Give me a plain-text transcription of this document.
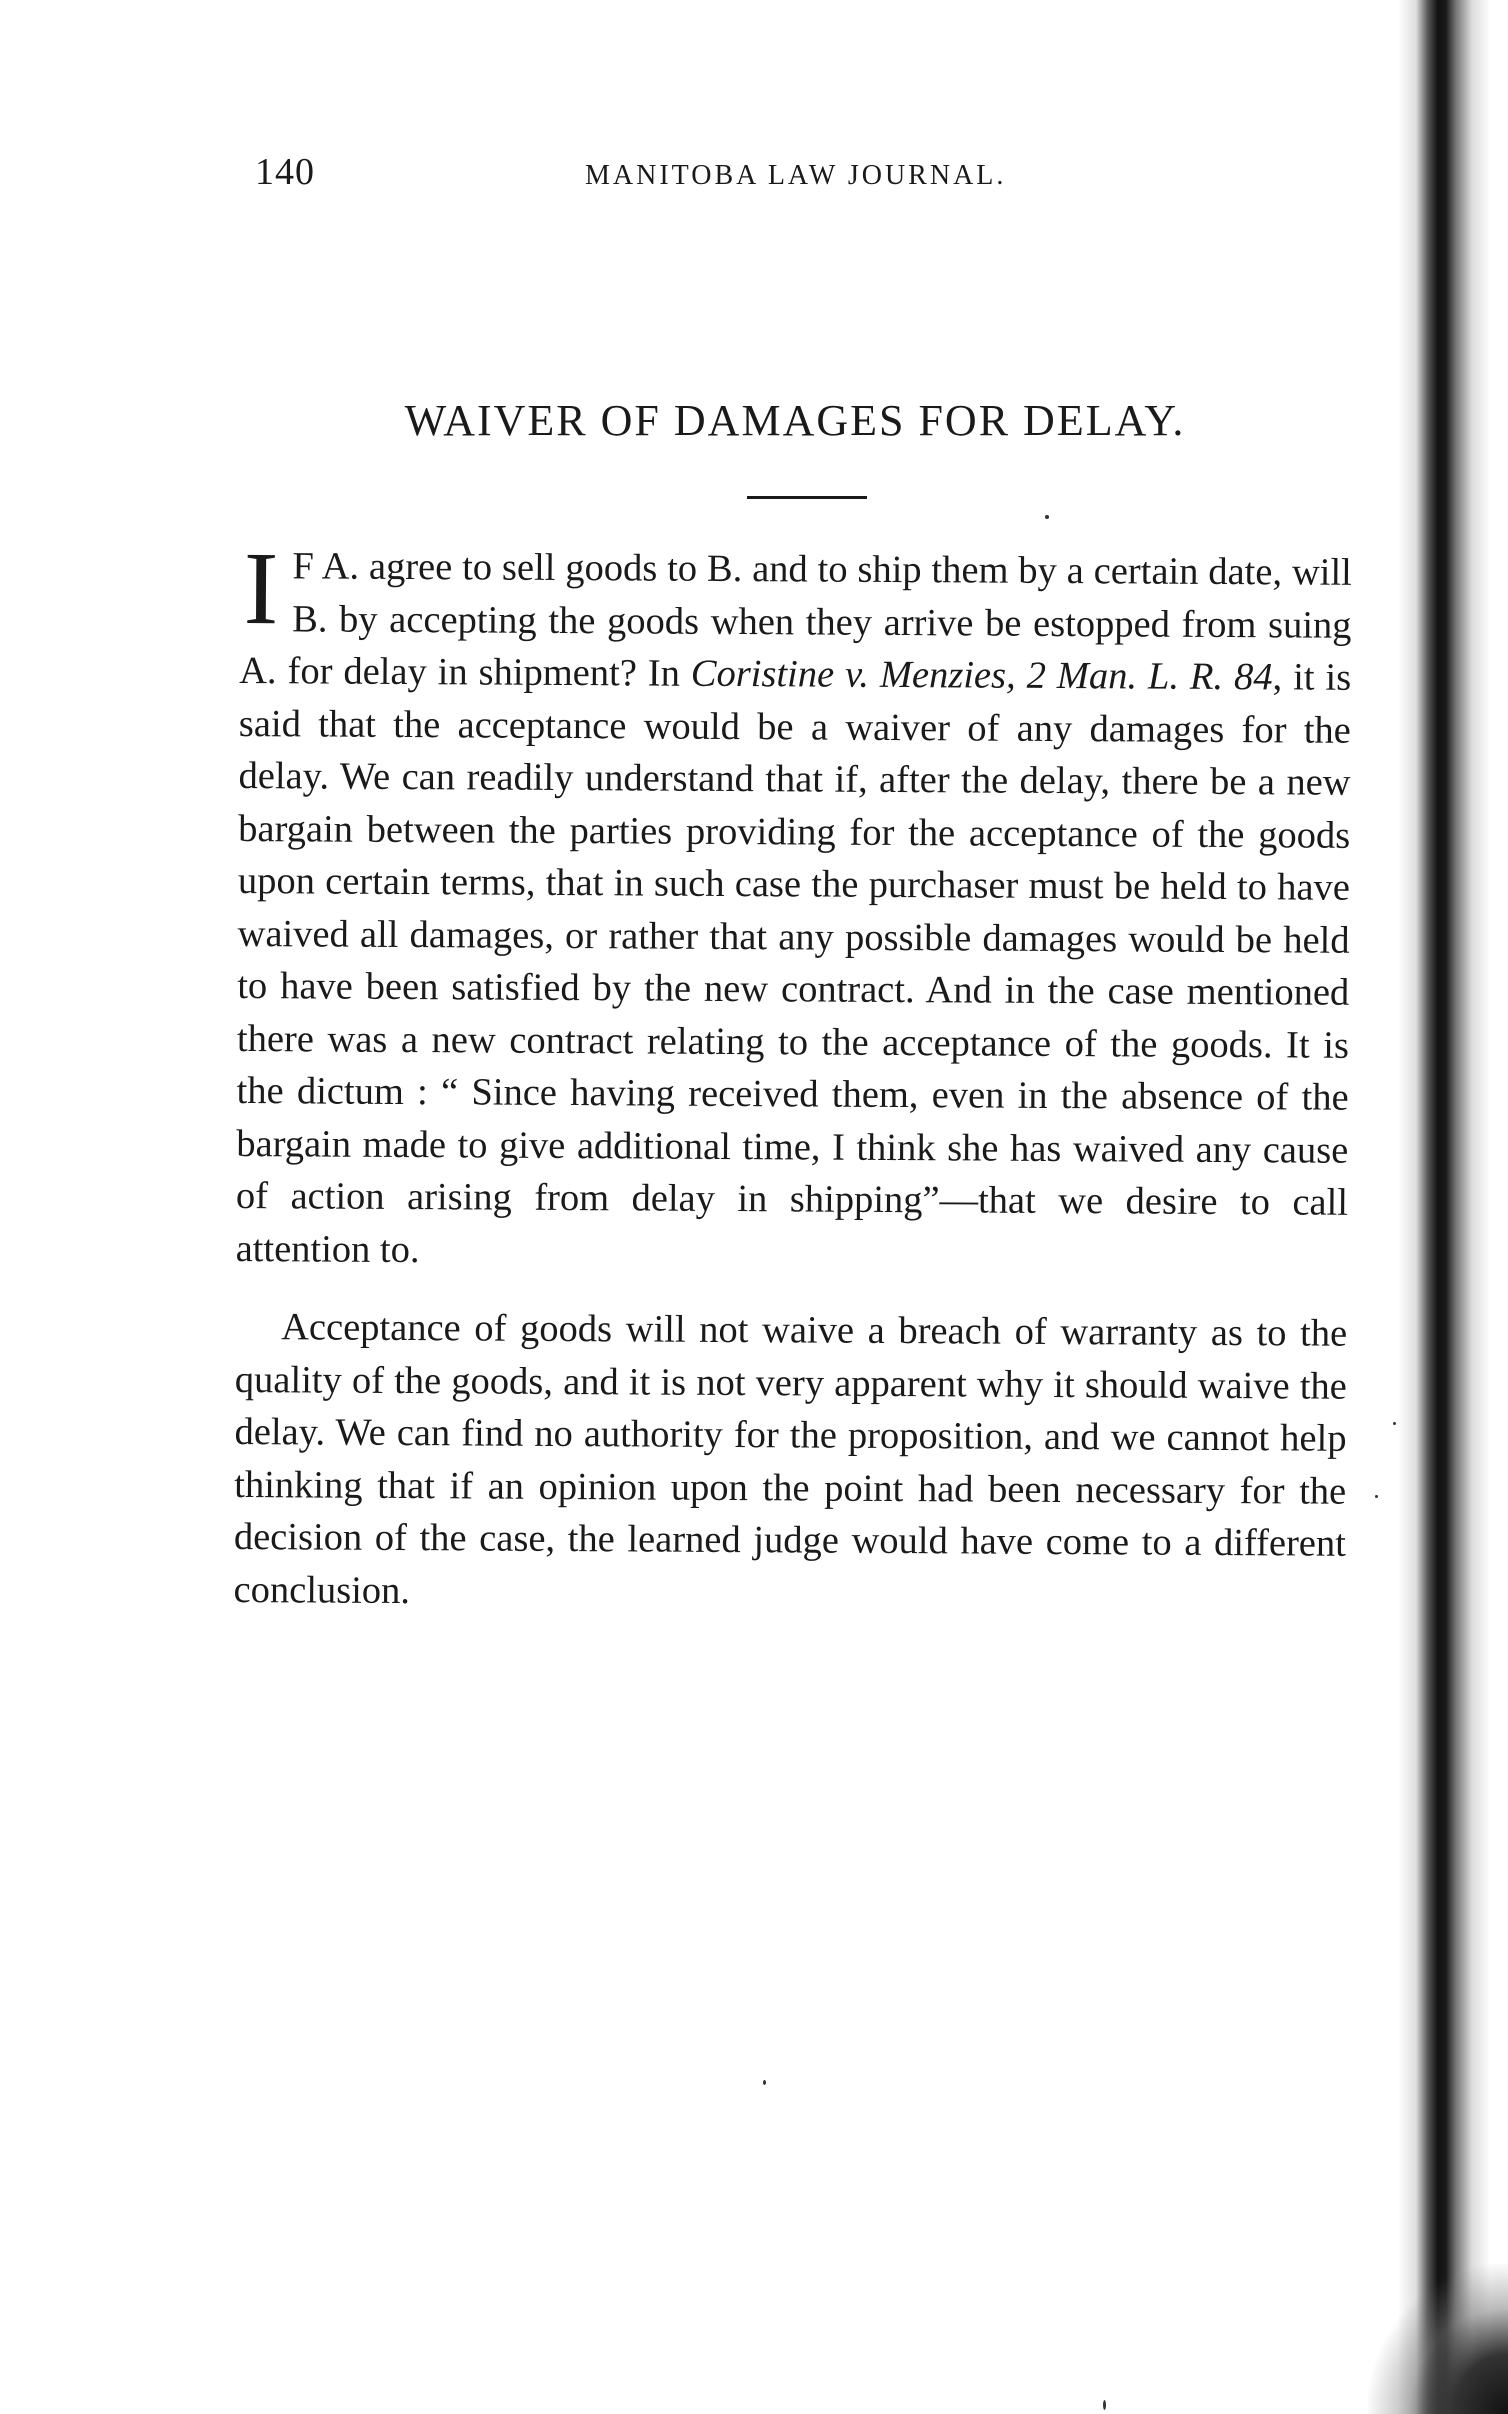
140	MANITOBA LAW JOURNAL.
WAIVER OF DAMAGES FOR DELAY.

I F A. agree to sell goods to B. and to ship them by a certain date, will B. by accepting the goods when they arrive be estopped from suing A. for delay in shipment? In Coristine v. Menzies, 2 Man. L. R. 84, it is said that the acceptance would be a waiver of any damages for the delay. We can readily understand that if, after the delay, there be a new bargain between the parties providing for the acceptance of the goods upon certain terms, that in such case the purchaser must be held to have waived all damages, or rather that any possible damages would be held to have been satisfied by the new contract. And in the case mentioned there was a new contract relating to the acceptance of the goods. It is the dictum : “ Since having received them, even in the absence of the bargain made to give additional time, I think she has waived any cause of action arising from delay in shipping”—that we desire to call attention to.

Acceptance of goods will not waive a breach of warranty as to the quality of the goods, and it is not very apparent why it should waive the delay. We can find no authority for the proposition, and we cannot help thinking that if an opinion upon the point had been necessary for the decision of the case, the learned judge would have come to a different conclusion.
